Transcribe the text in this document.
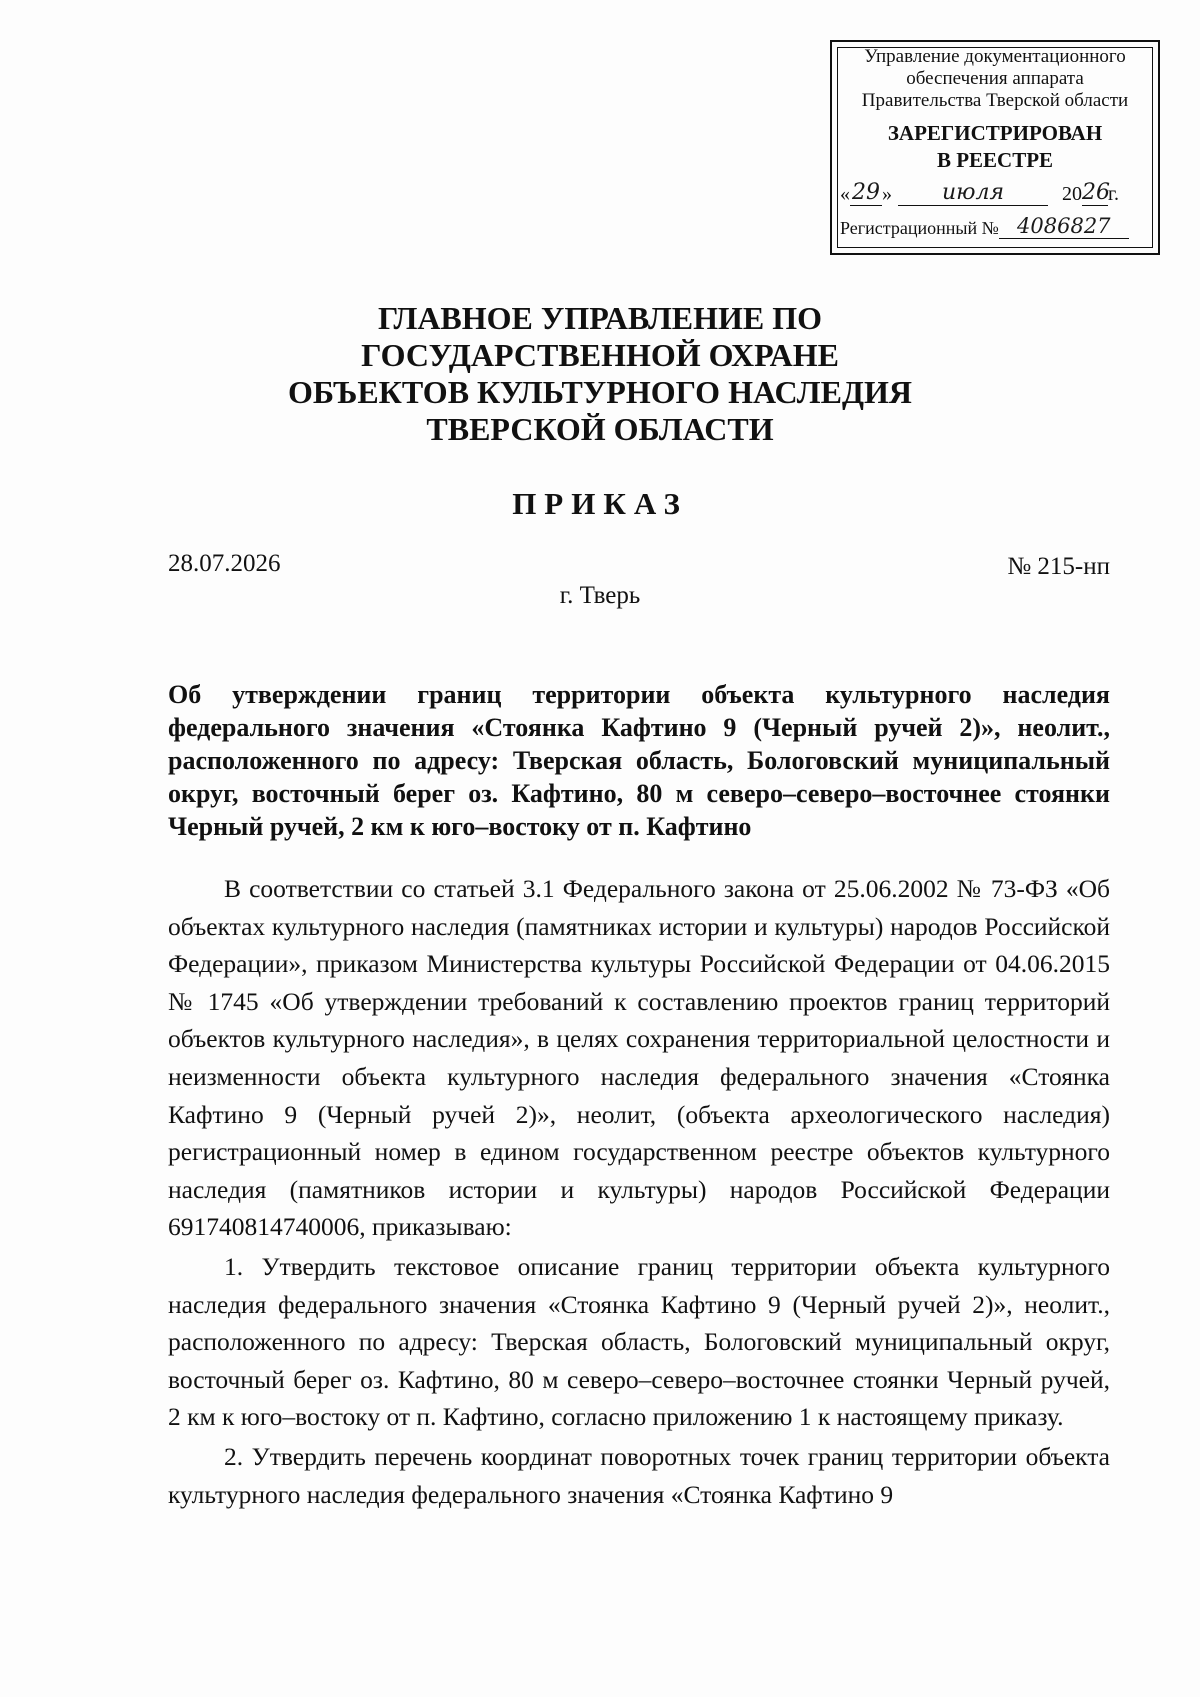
Управление документационного
обеспечения аппарата
Правительства Тверской области
ЗАРЕГИСТРИРОВАН
В РЕЕСТРЕ
« 29 »	июля	20 26
г.
Регистрационный № 4086827
ГЛАВНОЕ УПРАВЛЕНИЕ ПО
ГОСУДАРСТВЕННОЙ ОХРАНЕ
ОБЪЕКТОВ КУЛЬТУРНОГО НАСЛЕДИЯ
ТВЕРСКОЙ ОБЛАСТИ
ПРИКАЗ
28.07.2026	№ 215-нп
г. Тверь
Об утверждении границ территории объекта культурного наследия федерального значения «Стоянка Кафтино 9 (Черный ручей 2)», неолит., расположенного по адресу: Тверская область, Бологовский муниципальный округ, восточный берег оз. Кафтино, 80 м северо–северо–восточнее стоянки Черный ручей, 2 км к юго–востоку от п. Кафтино

В соответствии со статьей 3.1 Федерального закона от 25.06.2002 № 73-ФЗ «Об объектах культурного наследия (памятниках истории и культуры) народов Российской Федерации», приказом Министерства культуры Российской Федерации от 04.06.2015 № 1745 «Об утверждении требований к составлению проектов границ территорий объектов культурного наследия», в целях сохранения территориальной целостности и неизменности объекта культурного наследия федерального значения «Стоянка Кафтино 9 (Черный ручей 2)», неолит, (объекта археологического наследия) регистрационный номер в едином государственном реестре объектов культурного наследия (памятников истории и культуры) народов Российской Федерации 691740814740006, приказываю:

1. Утвердить текстовое описание границ территории объекта культурного наследия федерального значения «Стоянка Кафтино 9 (Черный ручей 2)», неолит., расположенного по адресу: Тверская область, Бологовский муниципальный округ, восточный берег оз. Кафтино, 80 м северо–северо–восточнее стоянки Черный ручей, 2 км к юго–востоку от п. Кафтино, согласно приложению 1 к настоящему приказу.

2. Утвердить перечень координат поворотных точек границ территории объекта культурного наследия федерального значения «Стоянка Кафтино 9
